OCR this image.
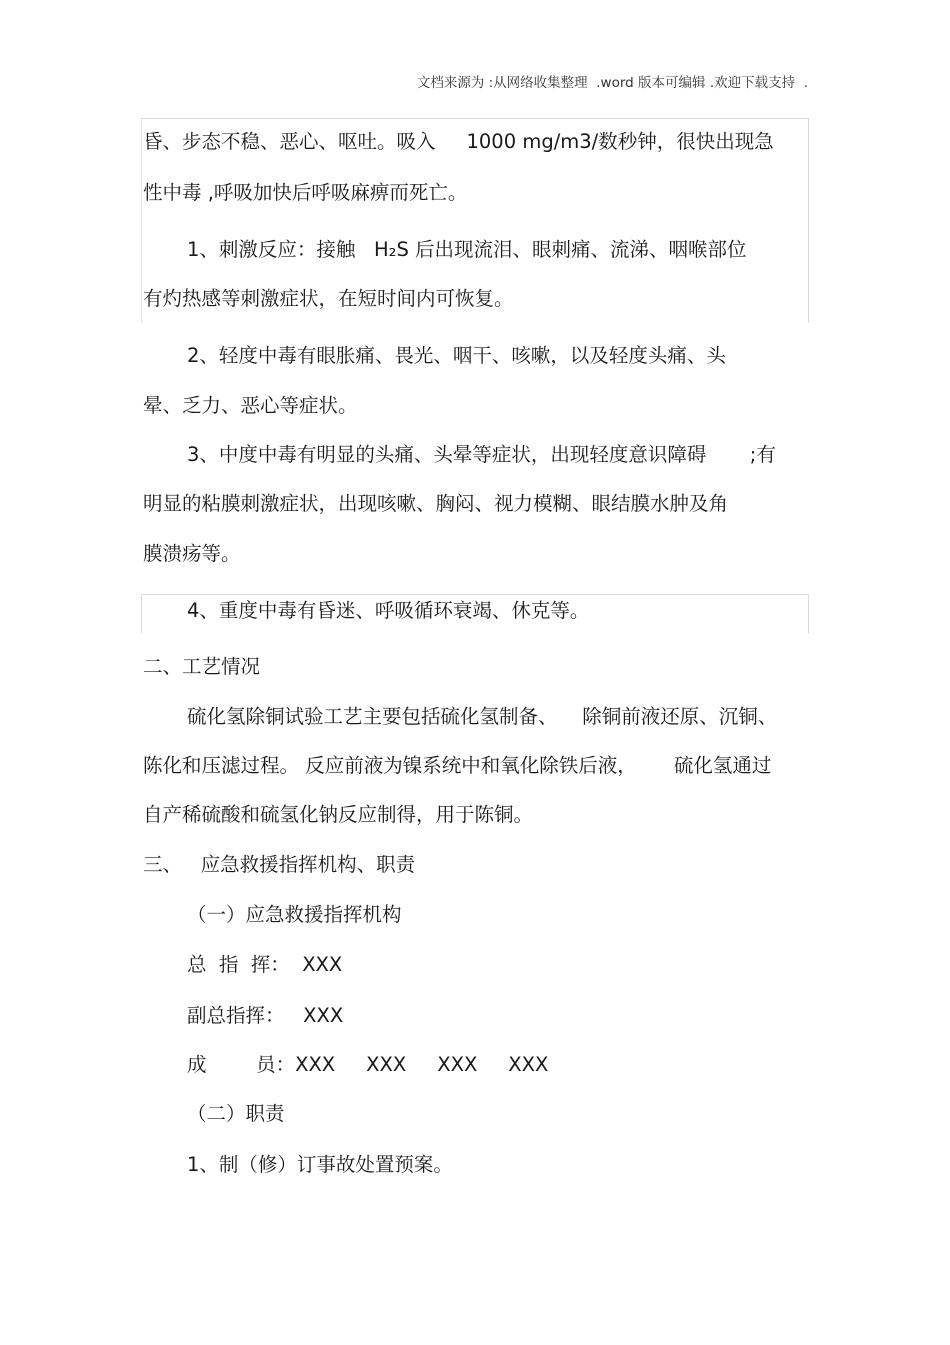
文档来源为 :从网络收集整理  .word 版本可编辑 .欢迎下载支持  .
昏、步态不稳、恶心、呕吐。吸入     1000 mg/m3/数秒钟，很快出现急
性中毒 ,呼吸加快后呼吸麻痹而死亡。
1、刺激反应：接触   H₂S 后出现流泪、眼刺痛、流涕、咽喉部位
有灼热感等刺激症状，在短时间内可恢复。
2、轻度中毒有眼胀痛、畏光、咽干、咳嗽，以及轻度头痛、头
晕、乏力、恶心等症状。
3、中度中毒有明显的头痛、头晕等症状，出现轻度意识障碍       ;有
明显的粘膜刺激症状，出现咳嗽、胸闷、视力模糊、眼结膜水肿及角
膜溃疡等。
4、重度中毒有昏迷、呼吸循环衰竭、休克等。
二、工艺情况
硫化氢除铜试验工艺主要包括硫化氢制备、    除铜前液还原、沉铜、
陈化和压滤过程。 反应前液为镍系统中和氧化除铁后液，      硫化氢通过
自产稀硫酸和硫氢化钠反应制得，用于陈铜。
三、   应急救援指挥机构、职责
（一）应急救援指挥机构
总  指  挥：  XXX
副总指挥：   XXX
成        员：XXX     XXX     XXX     XXX
（二）职责
1、制（修）订事故处置预案。
